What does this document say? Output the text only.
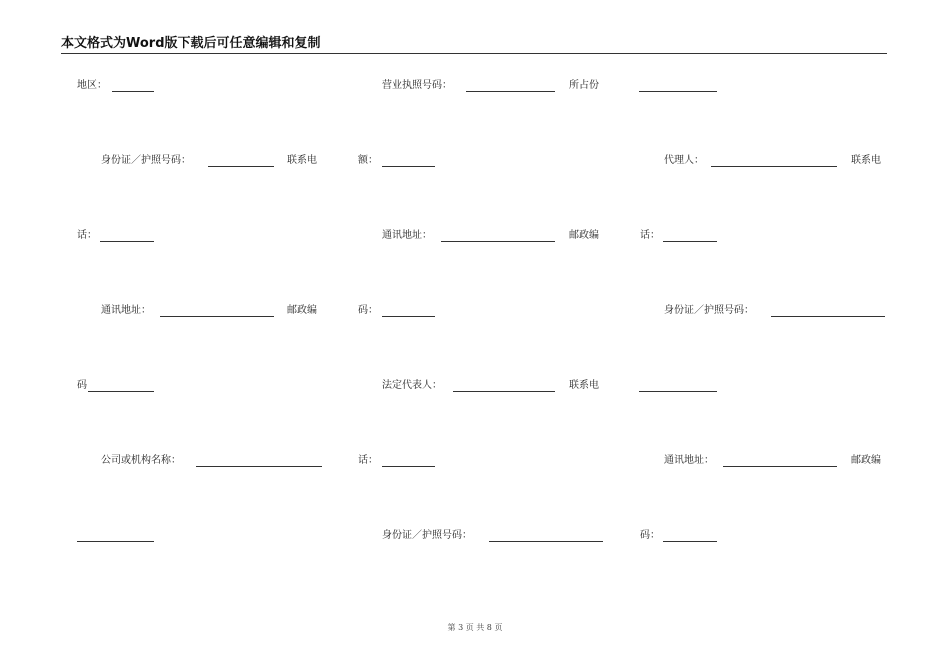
本文格式为Word版下载后可任意编辑和复制
地区：	营业执照号码：	所占份
身份证／护照号码：	联系电	额：	代理人：	联系电
话：	通讯地址：	邮政编	话：
通讯地址：	邮政编	码：	身份证／护照号码：
码	法定代表人：	联系电
公司或机构名称：	话：	通讯地址：	邮政编
身份证／护照号码：	码：
第 3 页 共 8 页
